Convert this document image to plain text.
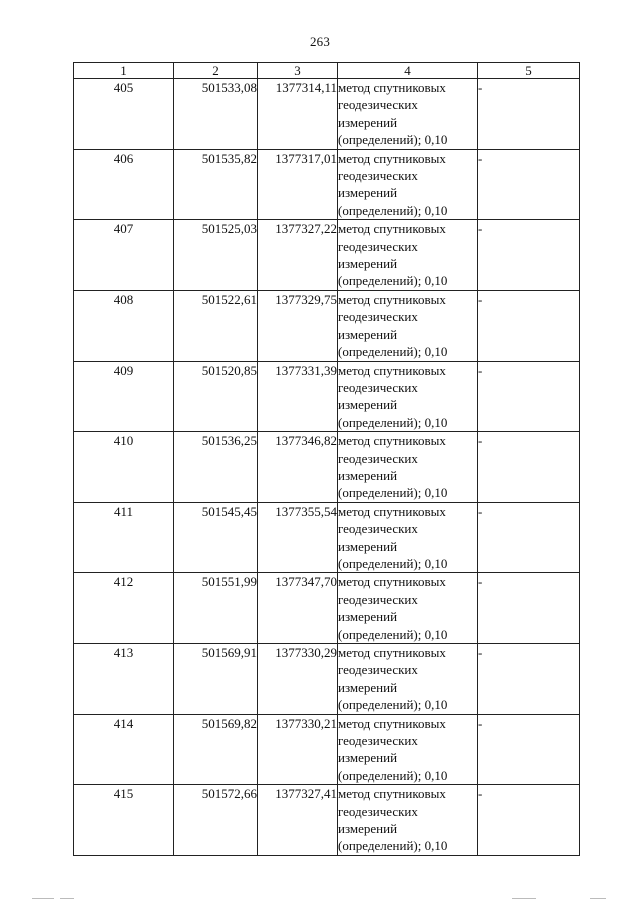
263
1	2	3	4	5
405	501533,08	1377314,11	метод спутниковых геодезических измерений (определений); 0,10	-
406	501535,82	1377317,01	метод спутниковых геодезических измерений (определений); 0,10	-
407	501525,03	1377327,22	метод спутниковых геодезических измерений (определений); 0,10	-
408	501522,61	1377329,75	метод спутниковых геодезических измерений (определений); 0,10	-
409	501520,85	1377331,39	метод спутниковых геодезических измерений (определений); 0,10	-
410	501536,25	1377346,82	метод спутниковых геодезических измерений (определений); 0,10	-
411	501545,45	1377355,54	метод спутниковых геодезических измерений (определений); 0,10	-
412	501551,99	1377347,70	метод спутниковых геодезических измерений (определений); 0,10	-
413	501569,91	1377330,29	метод спутниковых геодезических измерений (определений); 0,10	-
414	501569,82	1377330,21	метод спутниковых геодезических измерений (определений); 0,10	-
415	501572,66	1377327,41	метод спутниковых геодезических измерений (определений); 0,10	-
